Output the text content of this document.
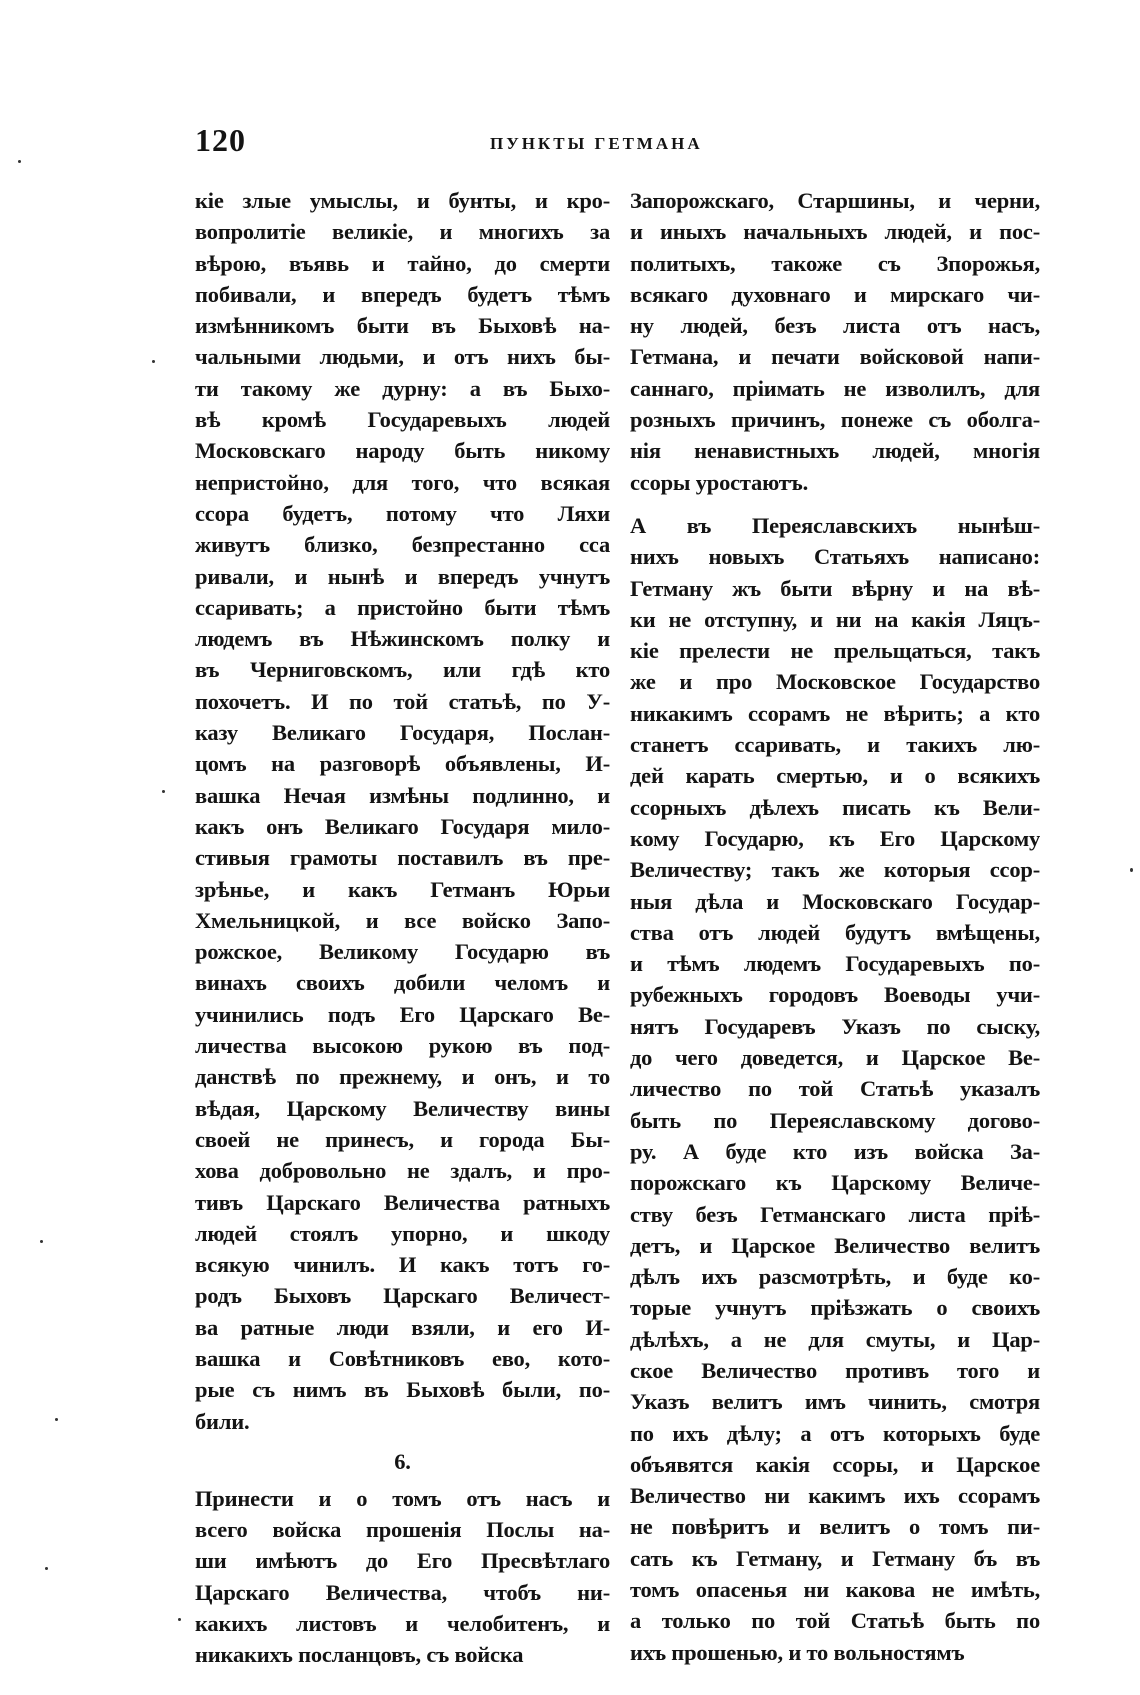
120	ПУНКТЫ ГЕТМАНА
кіе злые умыслы, и бунты, и кро-
вопролитіе великіе, и многихъ за
вѣрою, въявь и тайно, до смерти
побивали, и впередъ будетъ тѣмъ
измѣнникомъ быти въ Быховѣ на-
чальными людьми, и отъ нихъ бы-
ти такому же дурну: а въ Быхо-
вѣ кромѣ Государевыхъ людей
Московскаго народу быть никому
непристойно, для того, что всякая
ссора будетъ, потому что Ляхи
живутъ близко, безпрестанно сса
ривали, и нынѣ и впередъ учнутъ
ссаривать; а пристойно быти тѣмъ
людемъ въ Нѣжинскомъ полку и
въ Черниговскомъ, или гдѣ кто
похочетъ. И по той статьѣ, по У-
казу Великаго Государя, Послан-
цомъ на разговорѣ объявлены, И-
вашка Нечая измѣны подлинно, и
какъ онъ Великаго Государя мило-
стивыя грамоты поставилъ въ пре-
зрѣнье, и какъ Гетманъ Юрьи
Хмельницкой, и все войско Запо-
рожское, Великому Государю въ
винахъ своихъ добили челомъ и
учинились подъ Его Царскаго Ве-
личества высокою рукою въ под-
данствѣ по прежнему, и онъ, и то
вѣдая, Царскому Величеству вины
своей не принесъ, и города Бы-
хова добровольно не здалъ, и про-
тивъ Царскаго Величества ратныхъ
людей стоялъ упорно, и шкоду
всякую чинилъ. И какъ тотъ го-
родъ Быховъ Царскаго Величест-
ва ратные люди взяли, и его И-
вашка и Совѣтниковъ ево, кото-
рые съ нимъ въ Быховѣ были, по-
били.
6.
Принести и о томъ отъ насъ и
всего войска прошенія Послы на-
ши имѣютъ до Его Пресвѣтлаго
Царскаго Величества, чтобъ ни-
какихъ листовъ и челобитенъ, и
никакихъ посланцовъ, съ войска
Запорожскаго, Старшины, и черни,
и иныхъ начальныхъ людей, и пос-
политыхъ, такоже съ Зпорожья,
всякаго духовнаго и мирскаго чи-
ну людей, безъ листа отъ насъ,
Гетмана, и печати войсковой напи-
саннаго, пріимать не изволилъ, для
розныхъ причинъ, понеже съ оболга-
нія ненавистныхъ людей, многія
ссоры уростаютъ.
А въ Переяславскихъ нынѣш-
нихъ новыхъ Статьяхъ написано:
Гетману жъ быти вѣрну и на вѣ-
ки не отступну, и ни на какія Ляцъ-
кіе прелести не прельщаться, такъ
же и про Московское Государство
никакимъ ссорамъ не вѣрить; а кто
станетъ ссаривать, и такихъ лю-
дей карать смертью, и о всякихъ
ссорныхъ дѣлехъ писать къ Вели-
кому Государю, къ Его Царскому
Величеству; такъ же которыя ссор-
ныя дѣла и Московскаго Государ-
ства отъ людей будутъ вмѣщены,
и тѣмъ людемъ Государевыхъ по-
рубежныхъ городовъ Воеводы учи-
нятъ Государевъ Указъ по сыску,
до чего доведется, и Царское Ве-
личество по той Статьѣ указалъ
быть по Переяславскому догово-
ру. А буде кто изъ войска За-
порожскаго къ Царскому Величе-
ству безъ Гетманскаго листа пріѣ-
детъ, и Царское Величество велитъ
дѣлъ ихъ разсмотрѣть, и буде ко-
торые учнутъ пріѣзжать о своихъ
дѣлѣхъ, а не для смуты, и Цар-
ское Величество противъ того и
Указъ велитъ имъ чинить, смотря
по ихъ дѣлу; а отъ которыхъ буде
объявятся какія ссоры, и Царское
Величество ни какимъ ихъ ссорамъ
не повѣритъ и велитъ о томъ пи-
сать къ Гетману, и Гетману бъ въ
томъ опасенья ни какова не имѣть,
а только по той Статьѣ быть по
ихъ прошенью, и то вольностямъ
